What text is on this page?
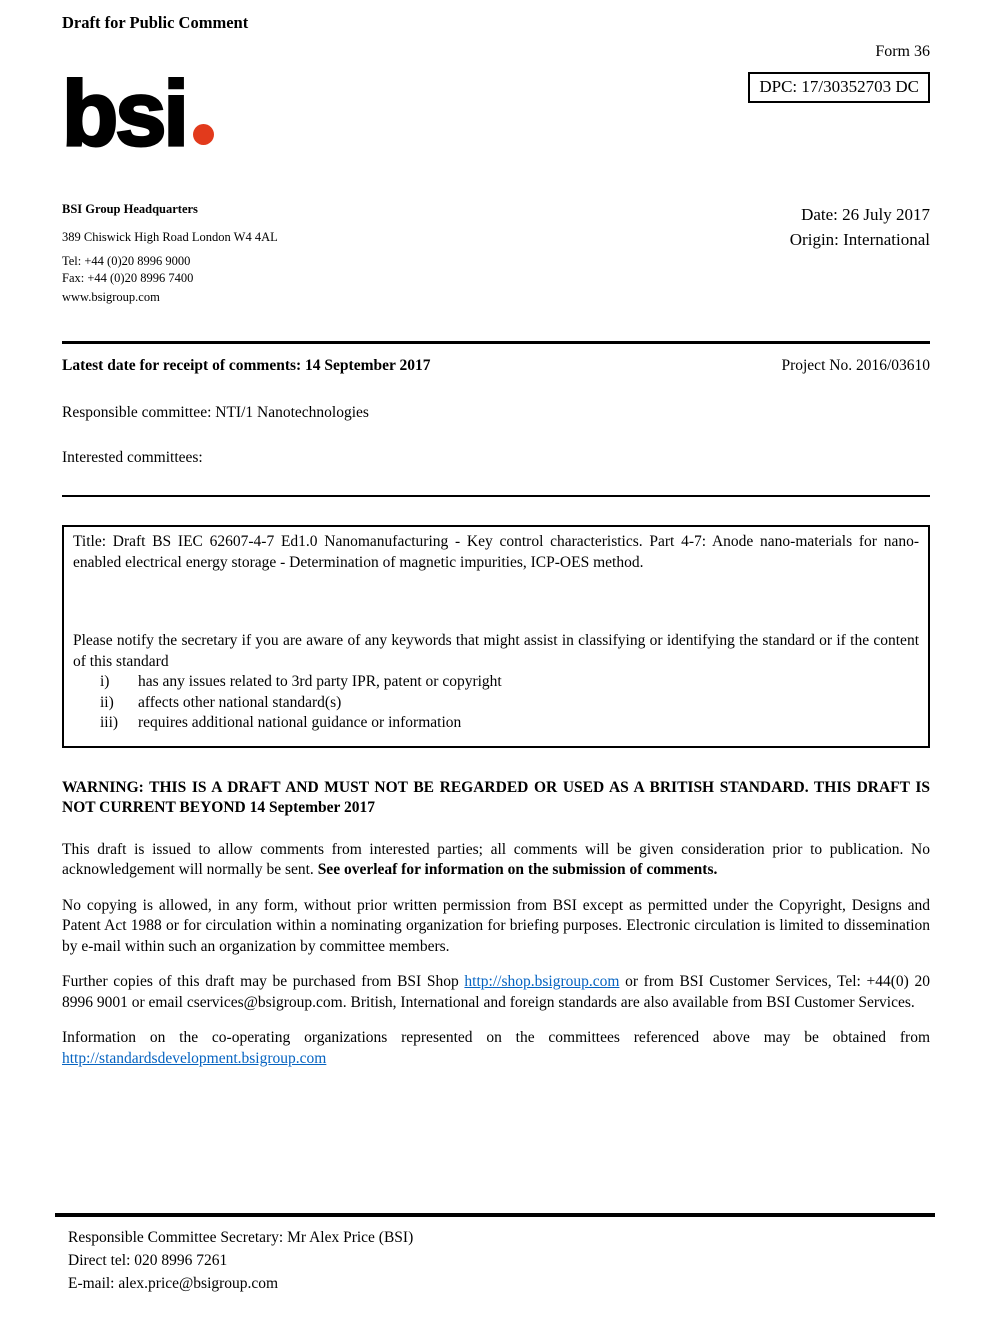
Draft for Public Comment
Form 36
bsi	DPC: 17/30352703 DC
BSI Group Headquarters
389 Chiswick High Road London W4 4AL
Tel: +44 (0)20 8996 9000
Fax: +44 (0)20 8996 7400
www.bsigroup.com
Date: 26 July 2017
Origin: International
Latest date for receipt of comments: 14 September 2017	Project No. 2016/03610
Responsible committee: NTI/1 Nanotechnologies
Interested committees:
Title: Draft BS IEC 62607-4-7 Ed1.0 Nanomanufacturing - Key control characteristics. Part 4-7: Anode nano-materials for nano-enabled electrical energy storage - Determination of magnetic impurities, ICP-OES method.
Please notify the secretary if you are aware of any keywords that might assist in classifying or identifying the standard or if the content of this standard
i)	has any issues related to 3rd party IPR, patent or copyright
ii)	affects other national standard(s)
iii)	requires additional national guidance or information
WARNING: THIS IS A DRAFT AND MUST NOT BE REGARDED OR USED AS A BRITISH STANDARD. THIS DRAFT IS NOT CURRENT BEYOND 14 September 2017
This draft is issued to allow comments from interested parties; all comments will be given consideration prior to publication. No acknowledgement will normally be sent. See overleaf for information on the submission of comments.
No copying is allowed, in any form, without prior written permission from BSI except as permitted under the Copyright, Designs and Patent Act 1988 or for circulation within a nominating organization for briefing purposes. Electronic circulation is limited to dissemination by e-mail within such an organization by committee members.
Further copies of this draft may be purchased from BSI Shop http://shop.bsigroup.com or from BSI Customer Services, Tel: +44(0) 20 8996 9001 or email cservices@bsigroup.com. British, International and foreign standards are also available from BSI Customer Services.
Information on the co-operating organizations represented on the committees referenced above may be obtained from http://standardsdevelopment.bsigroup.com
Responsible Committee Secretary: Mr Alex Price (BSI)
Direct tel: 020 8996 7261
E-mail: alex.price@bsigroup.com
